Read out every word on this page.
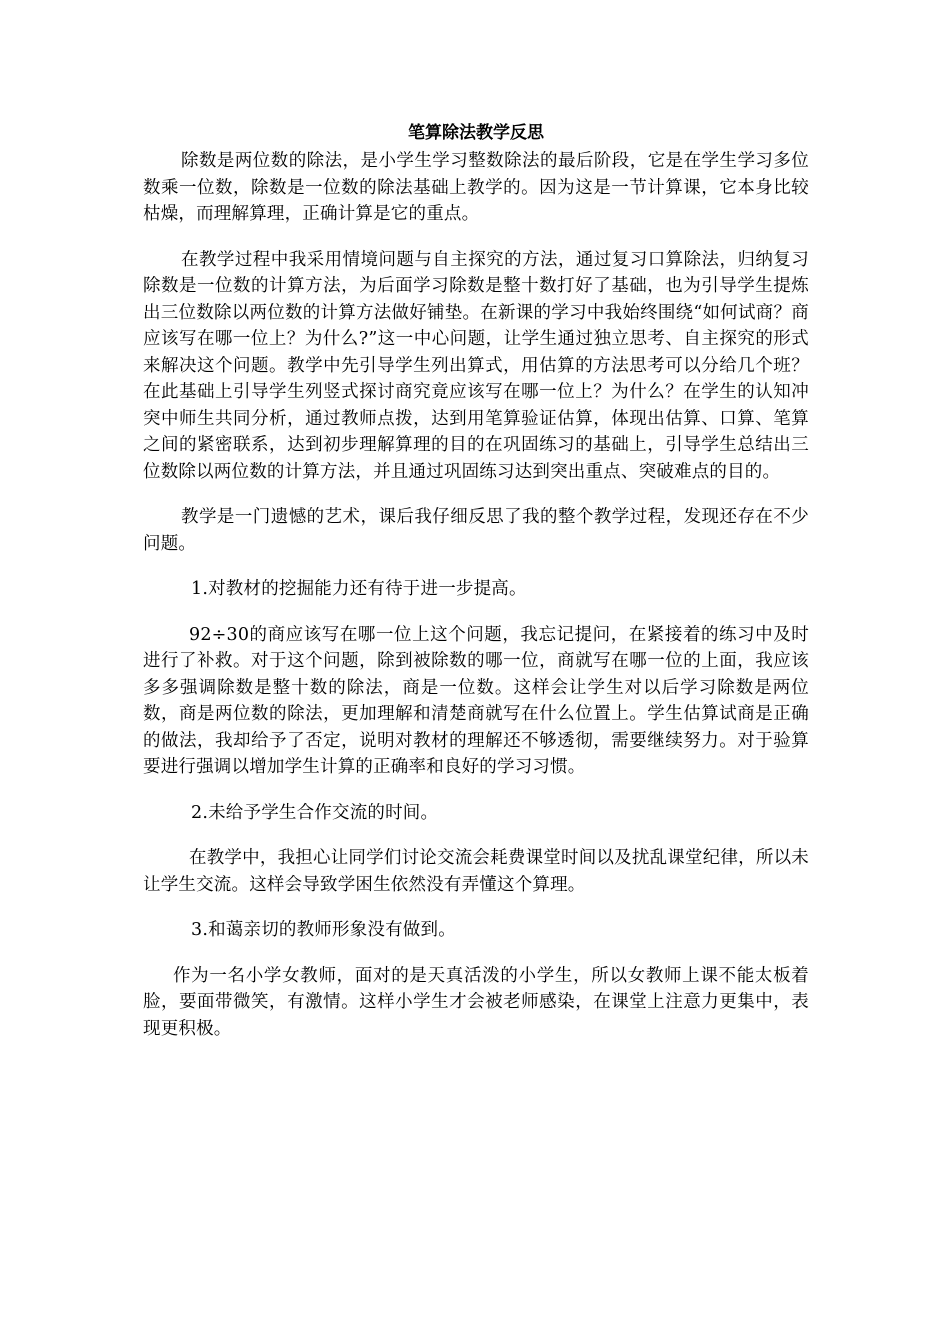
笔算除法教学反思

除数是两位数的除法，是小学生学习整数除法的最后阶段，它是在学生学习多位数乘一位数，除数是一位数的除法基础上教学的。因为这是一节计算课，它本身比较枯燥，而理解算理，正确计算是它的重点。

在教学过程中我采用情境问题与自主探究的方法，通过复习口算除法，归纳复习除数是一位数的计算方法，为后面学习除数是整十数打好了基础，也为引导学生提炼出三位数除以两位数的计算方法做好铺垫。在新课的学习中我始终围绕“如何试商？商应该写在哪一位上？为什么?”这一中心问题，让学生通过独立思考、自主探究的形式来解决这个问题。教学中先引导学生列出算式，用估算的方法思考可以分给几个班？在此基础上引导学生列竖式探讨商究竟应该写在哪一位上？为什么？在学生的认知冲突中师生共同分析，通过教师点拨，达到用笔算验证估算，体现出估算、口算、笔算之间的紧密联系，达到初步理解算理的目的在巩固练习的基础上，引导学生总结出三位数除以两位数的计算方法，并且通过巩固练习达到突出重点、突破难点的目的。

教学是一门遗憾的艺术，课后我仔细反思了我的整个教学过程，发现还存在不少问题。

1.对教材的挖掘能力还有待于进一步提高。

92÷30的商应该写在哪一位上这个问题，我忘记提问，在紧接着的练习中及时进行了补救。对于这个问题，除到被除数的哪一位，商就写在哪一位的上面，我应该多多强调除数是整十数的除法，商是一位数。这样会让学生对以后学习除数是两位数，商是两位数的除法，更加理解和清楚商就写在什么位置上。学生估算试商是正确的做法，我却给予了否定，说明对教材的理解还不够透彻，需要继续努力。对于验算要进行强调以增加学生计算的正确率和良好的学习习惯。

2.未给予学生合作交流的时间。

在教学中，我担心让同学们讨论交流会耗费课堂时间以及扰乱课堂纪律，所以未让学生交流。这样会导致学困生依然没有弄懂这个算理。

3.和蔼亲切的教师形象没有做到。

作为一名小学女教师，面对的是天真活泼的小学生，所以女教师上课不能太板着脸，要面带微笑，有激情。这样小学生才会被老师感染，在课堂上注意力更集中，表现更积极。
